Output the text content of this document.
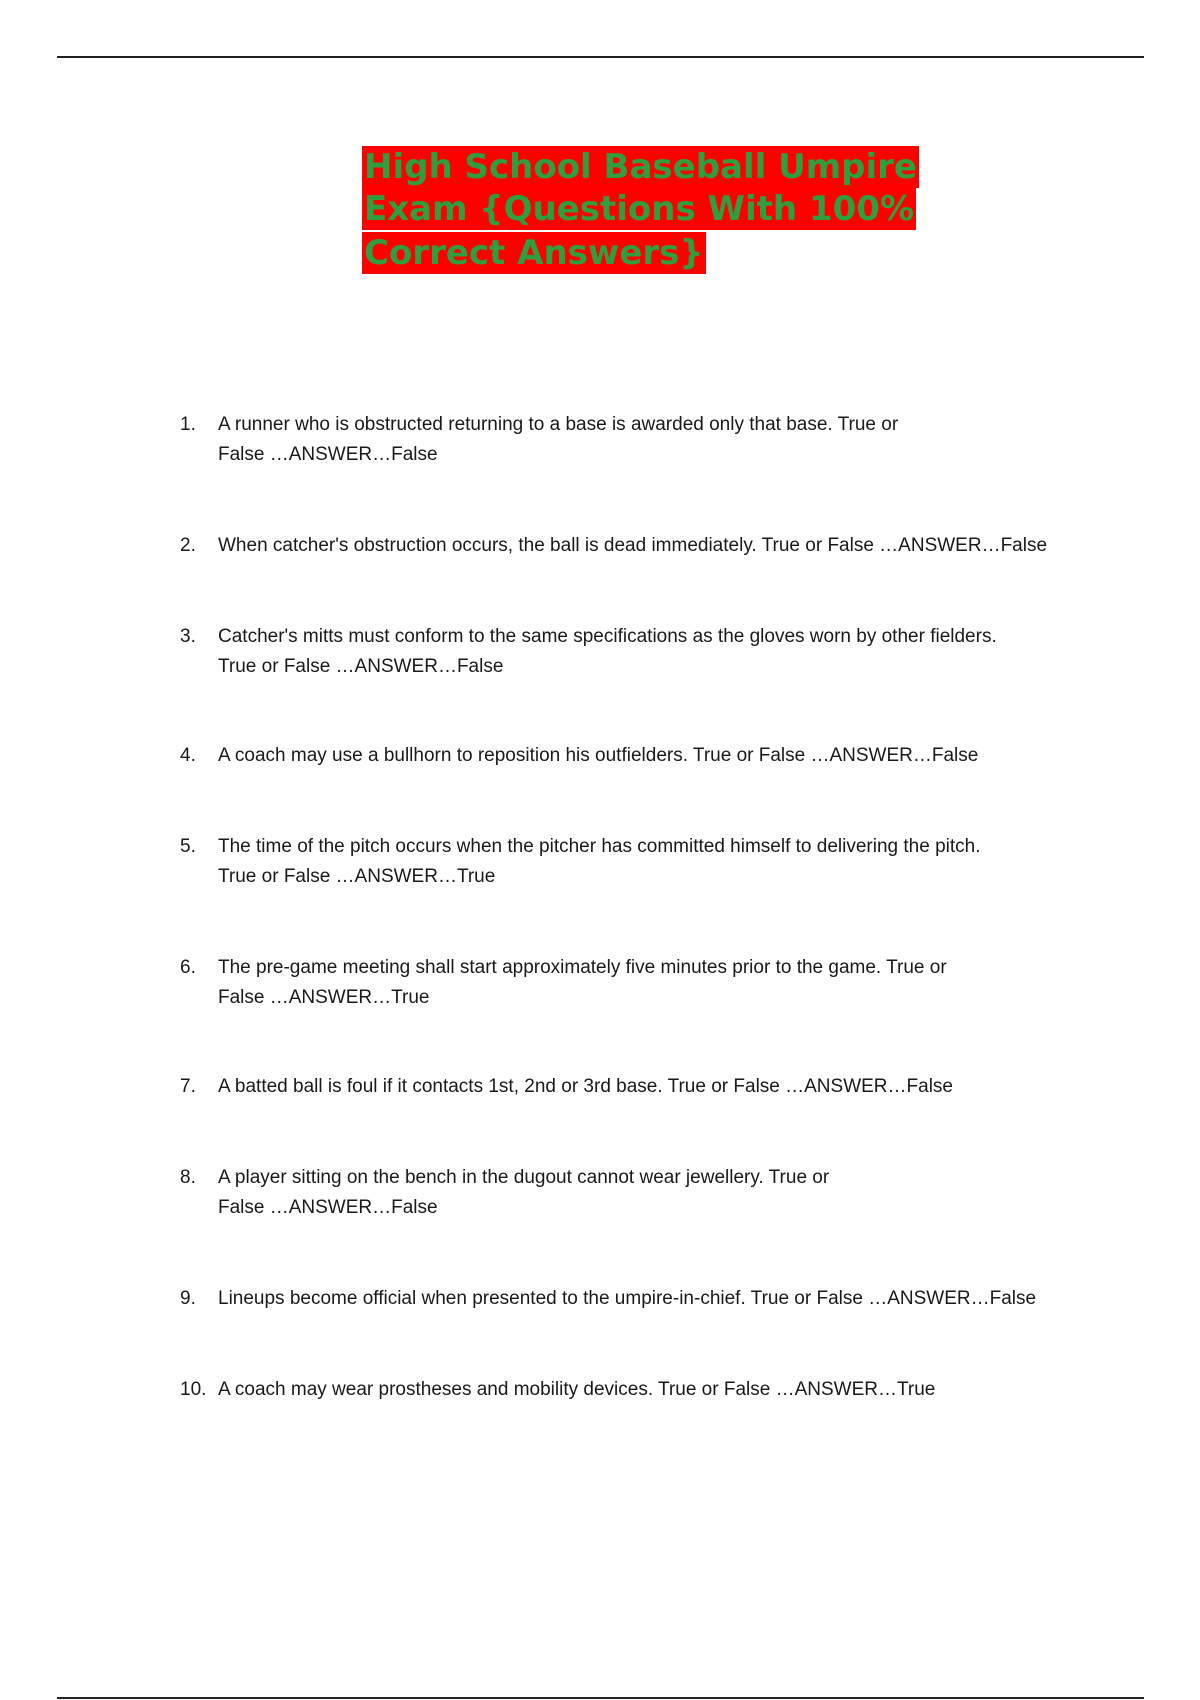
High School Baseball Umpire
Exam {Questions With 100%
Correct Answers}
1.	A runner who is obstructed returning to a base is awarded only that base. True or
False …ANSWER…False
2.	When catcher's obstruction occurs, the ball is dead immediately. True or False …ANSWER…False
3.	Catcher's mitts must conform to the same specifications as the gloves worn by other fielders.
True or False …ANSWER…False
4.	A coach may use a bullhorn to reposition his outfielders. True or False …ANSWER…False
5.	The time of the pitch occurs when the pitcher has committed himself to delivering the pitch.
True or False …ANSWER…True
6.	The pre-game meeting shall start approximately five minutes prior to the game. True or
False …ANSWER…True
7.	A batted ball is foul if it contacts 1st, 2nd or 3rd base. True or False …ANSWER…False
8.	A player sitting on the bench in the dugout cannot wear jewellery. True or
False …ANSWER…False
9.	Lineups become official when presented to the umpire-in-chief. True or False …ANSWER…False
10. A coach may wear prostheses and mobility devices. True or False …ANSWER…True
